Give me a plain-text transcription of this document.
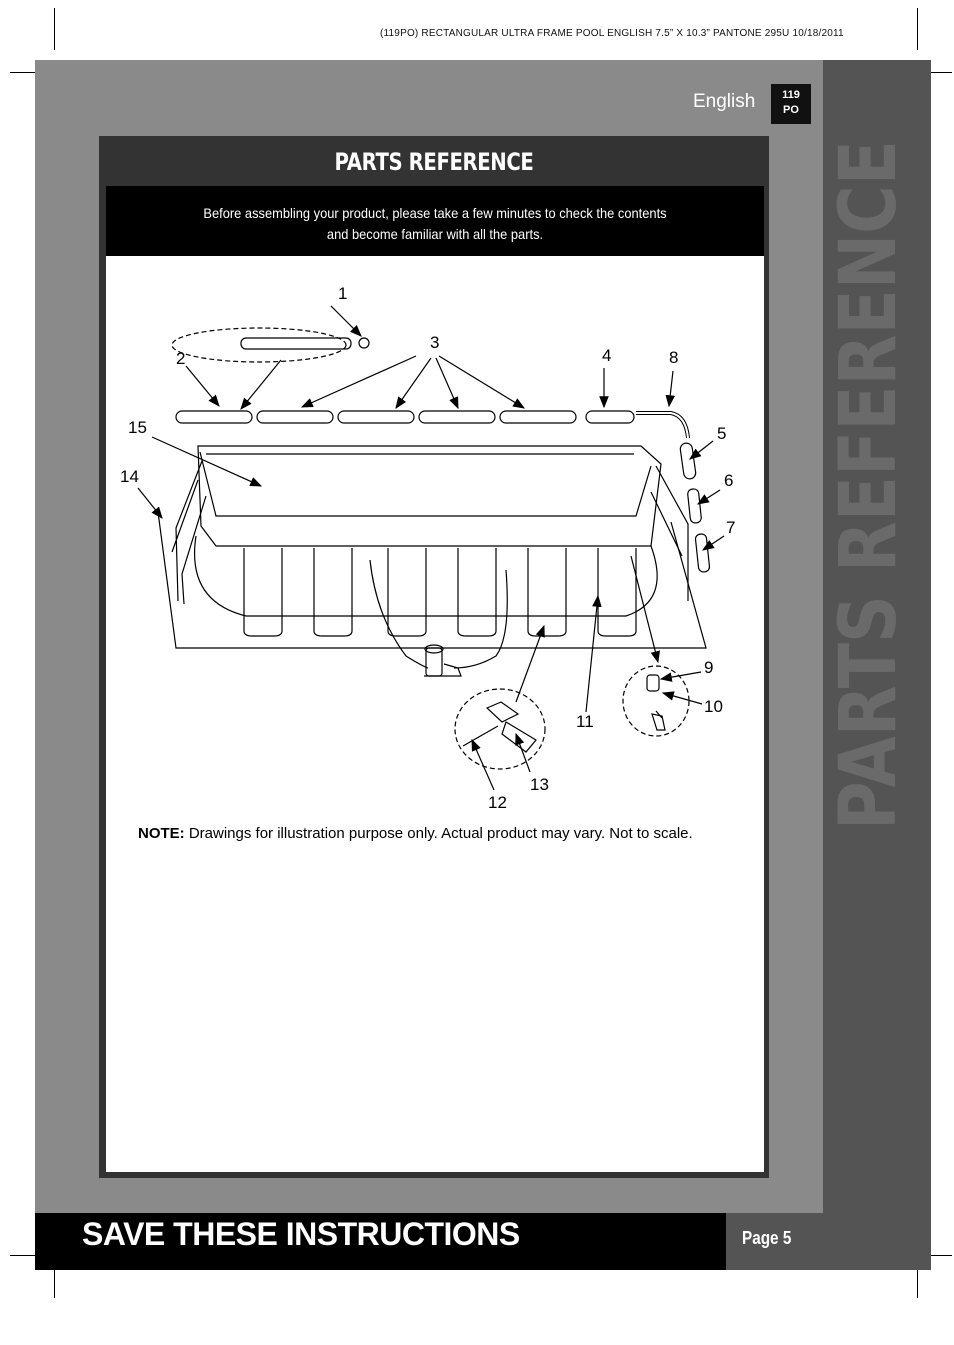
(119PO) RECTANGULAR ULTRA FRAME POOL ENGLISH 7.5” X 10.3” PANTONE 295U 10/18/2011
PARTS REFERENCE
English	119
PO
PARTS REFERENCE
Before assembling your product, please take a few minutes to check the contents
and become familiar with all the parts.
1
2
3
4	8
15	5
14	6
7
9
10
11
13
12
NOTE: Drawings for illustration purpose only. Actual product may vary. Not to scale.
SAVE THESE INSTRUCTIONS	Page 5
